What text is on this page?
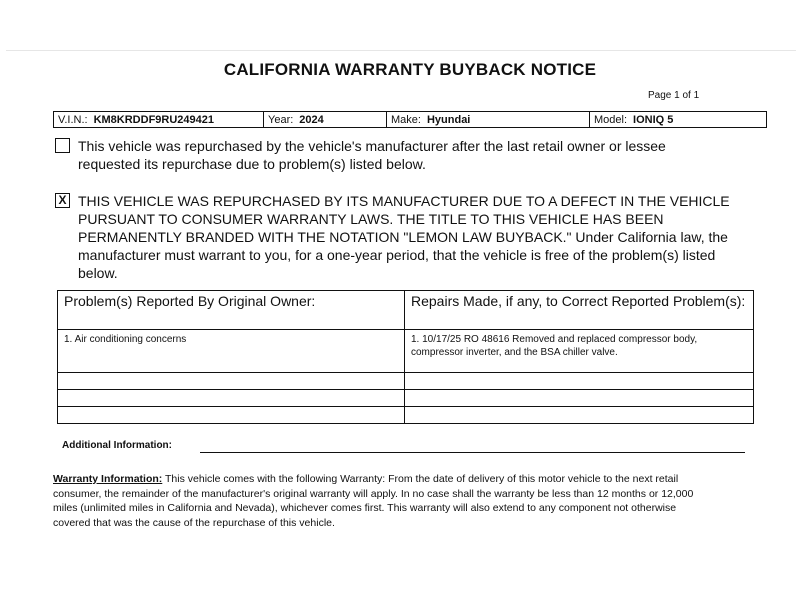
CALIFORNIA WARRANTY BUYBACK NOTICE
Page 1 of 1
V.I.N.: KM8KRDDF9RU249421	Year: 2024	Make: Hyundai	Model: IONIQ 5
This vehicle was repurchased by the vehicle's manufacturer after the last retail owner or lessee requested its repurchase due to problem(s) listed below.
X THIS VEHICLE WAS REPURCHASED BY ITS MANUFACTURER DUE TO A DEFECT IN THE VEHICLE PURSUANT TO CONSUMER WARRANTY LAWS. THE TITLE TO THIS VEHICLE HAS BEEN PERMANENTLY BRANDED WITH THE NOTATION "LEMON LAW BUYBACK." Under California law, the manufacturer must warrant to you, for a one-year period, that the vehicle is free of the problem(s) listed below.
Problem(s) Reported By Original Owner:	Repairs Made, if any, to Correct Reported Problem(s):
1. Air conditioning concerns	1. 10/17/25 RO 48616 Removed and replaced compressor body, compressor inverter, and the BSA chiller valve.

Additional Information:
Warranty Information: This vehicle comes with the following Warranty: From the date of delivery of this motor vehicle to the next retail consumer, the remainder of the manufacturer's original warranty will apply. In no case shall the warranty be less than 12 months or 12,000 miles (unlimited miles in California and Nevada), whichever comes first. This warranty will also extend to any component not otherwise covered that was the cause of the repurchase of this vehicle.
